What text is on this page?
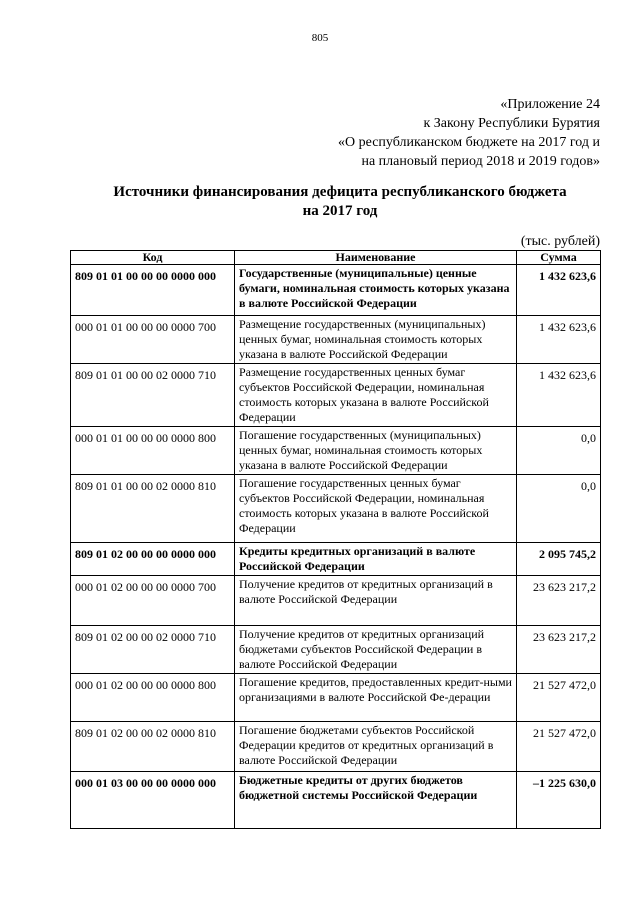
805
«Приложение 24
к Закону Республики Бурятия
«О республиканском бюджете на 2017 год и
на плановый период 2018 и 2019 годов»
Источники финансирования дефицита республиканского бюджета
на 2017 год
(тыс. рублей)
Код	Наименование	Сумма
809 01 01 00 00 00 0000 000	Государственные (муниципальные) ценные бумаги, номинальная стоимость которых указана в валюте Российской Федерации	1 432 623,6
000 01 01 00 00 00 0000 700	Размещение государственных (муниципальных) ценных бумаг, номинальная стоимость которых указана в валюте Российской Федерации	1 432 623,6
809 01 01 00 00 02 0000 710	Размещение государственных ценных бумаг субъектов Российской Федерации, номинальная стоимость которых указана в валюте Российской Федерации	1 432 623,6
000 01 01 00 00 00 0000 800	Погашение государственных (муниципальных) ценных бумаг, номинальная стоимость которых указана в валюте Российской Федерации	0,0
809 01 01 00 00 02 0000 810	Погашение государственных ценных бумаг субъектов Российской Федерации, номинальная стоимость которых указана в валюте Российской Федерации	0,0
809 01 02 00 00 00 0000 000	Кредиты кредитных организаций в валюте Российской Федерации	2 095 745,2
000 01 02 00 00 00 0000 700	Получение кредитов от кредитных организаций в валюте Российской Федерации	23 623 217,2
809 01 02 00 00 02 0000 710	Получение кредитов от кредитных организаций бюджетами субъектов Российской Федерации в валюте Российской Федерации	23 623 217,2
000 01 02 00 00 00 0000 800	Погашение кредитов, предоставленных кредит-ными организациями в валюте Российской Фе-дерации	21 527 472,0
809 01 02 00 00 02 0000 810	Погашение бюджетами субъектов Российской Федерации кредитов от кредитных организаций в валюте Российской Федерации	21 527 472,0
000 01 03 00 00 00 0000 000	Бюджетные кредиты от других бюджетов бюджетной системы Российской Федерации	–1 225 630,0
